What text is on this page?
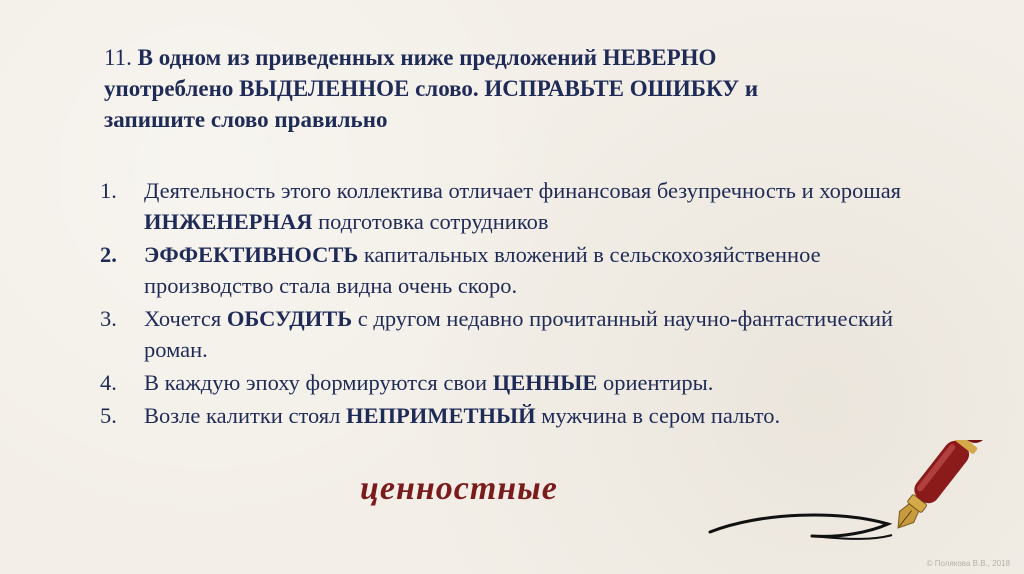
11. В одном из приведенных ниже предложений НЕВЕРНО
употреблено ВЫДЕЛЕННОЕ слово. ИСПРАВЬТЕ ОШИБКУ и
запишите слово правильно
1.	Деятельность этого коллектива отличает финансовая безупречность и хорошая ИНЖЕНЕРНАЯ подготовка сотрудников
2.	ЭФФЕКТИВНОСТЬ капитальных вложений в сельскохозяйственное производство стала видна очень скоро.
3.	Хочется ОБСУДИТЬ с другом недавно прочитанный научно-фантастический роман.
4.	В каждую эпоху формируются свои ЦЕННЫЕ ориентиры.
5.	Возле калитки стоял НЕПРИМЕТНЫЙ мужчина в сером пальто.
ценностные
© Полякова В.В., 2018
